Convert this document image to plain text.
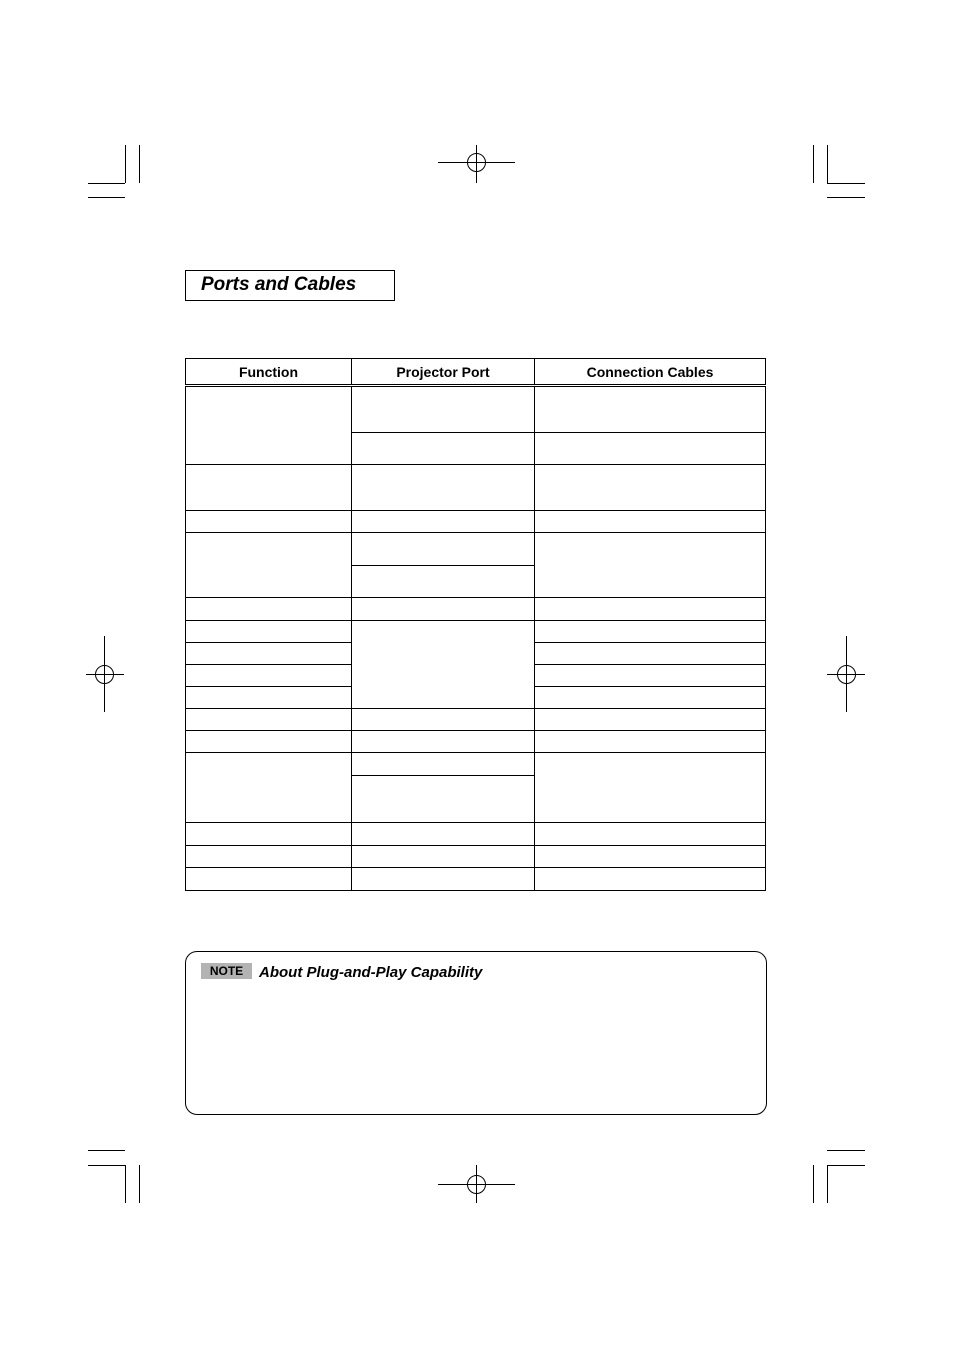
Ports and Cables
Function	Projector Port	Connection Cables

NOTE	About Plug-and-Play Capability
